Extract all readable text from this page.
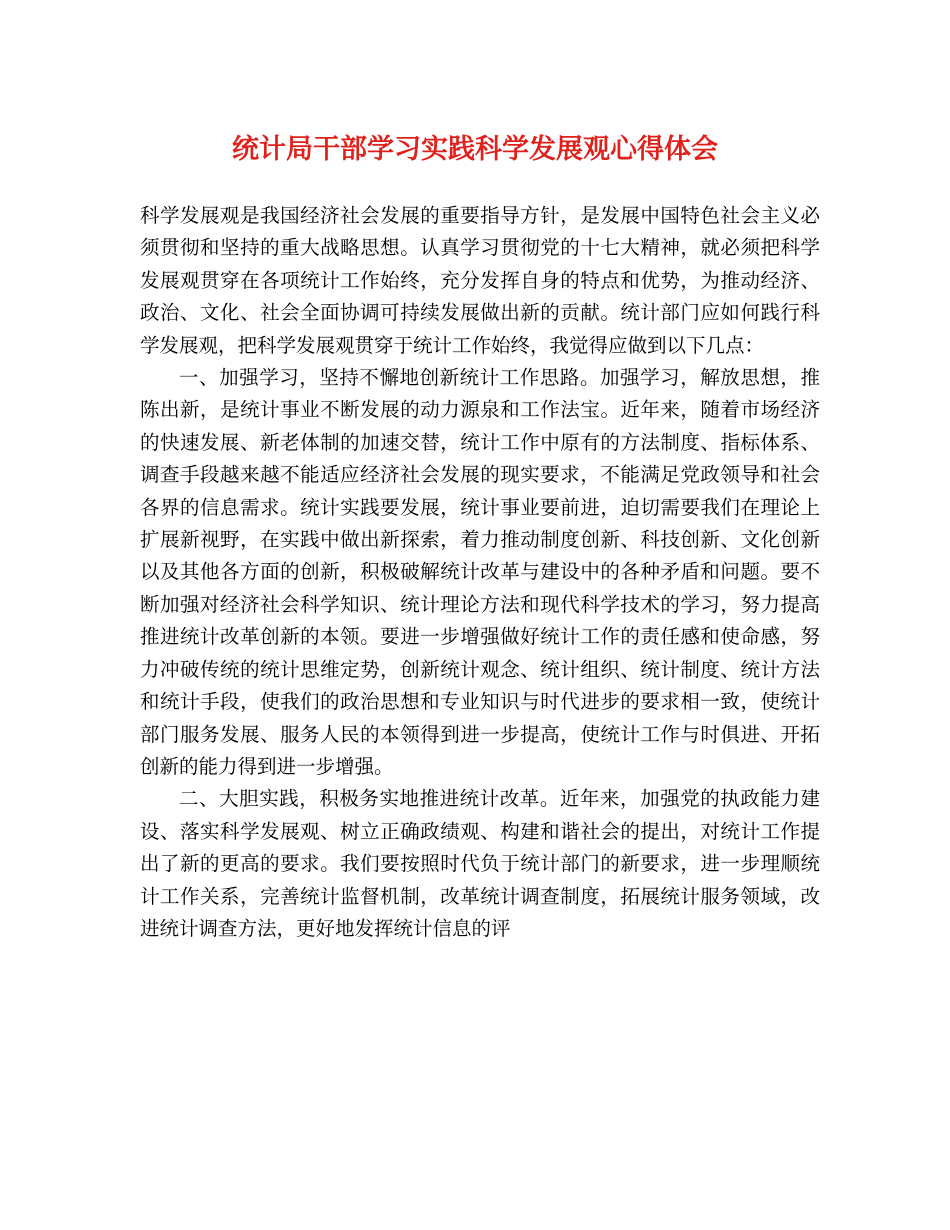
统计局干部学习实践科学发展观心得体会

科学发展观是我国经济社会发展的重要指导方针，是发展中国特色社会主义必须贯彻和坚持的重大战略思想。认真学习贯彻党的十七大精神，就必须把科学发展观贯穿在各项统计工作始终，充分发挥自身的特点和优势，为推动经济、政治、文化、社会全面协调可持续发展做出新的贡献。统计部门应如何践行科学发展观，把科学发展观贯穿于统计工作始终，我觉得应做到以下几点：

一、加强学习，坚持不懈地创新统计工作思路。加强学习，解放思想，推陈出新，是统计事业不断发展的动力源泉和工作法宝。近年来，随着市场经济的快速发展、新老体制的加速交替，统计工作中原有的方法制度、指标体系、调查手段越来越不能适应经济社会发展的现实要求，不能满足党政领导和社会各界的信息需求。统计实践要发展，统计事业要前进，迫切需要我们在理论上扩展新视野，在实践中做出新探索，着力推动制度创新、科技创新、文化创新以及其他各方面的创新，积极破解统计改革与建设中的各种矛盾和问题。要不断加强对经济社会科学知识、统计理论方法和现代科学技术的学习，努力提高推进统计改革创新的本领。要进一步增强做好统计工作的责任感和使命感，努力冲破传统的统计思维定势，创新统计观念、统计组织、统计制度、统计方法和统计手段，使我们的政治思想和专业知识与时代进步的要求相一致，使统计部门服务发展、服务人民的本领得到进一步提高，使统计工作与时俱进、开拓创新的能力得到进一步增强。

二、大胆实践，积极务实地推进统计改革。近年来，加强党的执政能力建设、落实科学发展观、树立正确政绩观、构建和谐社会的提出，对统计工作提出了新的更高的要求。我们要按照时代负于统计部门的新要求，进一步理顺统计工作关系，完善统计监督机制，改革统计调查制度，拓展统计服务领域，改进统计调查方法，更好地发挥统计信息的评
